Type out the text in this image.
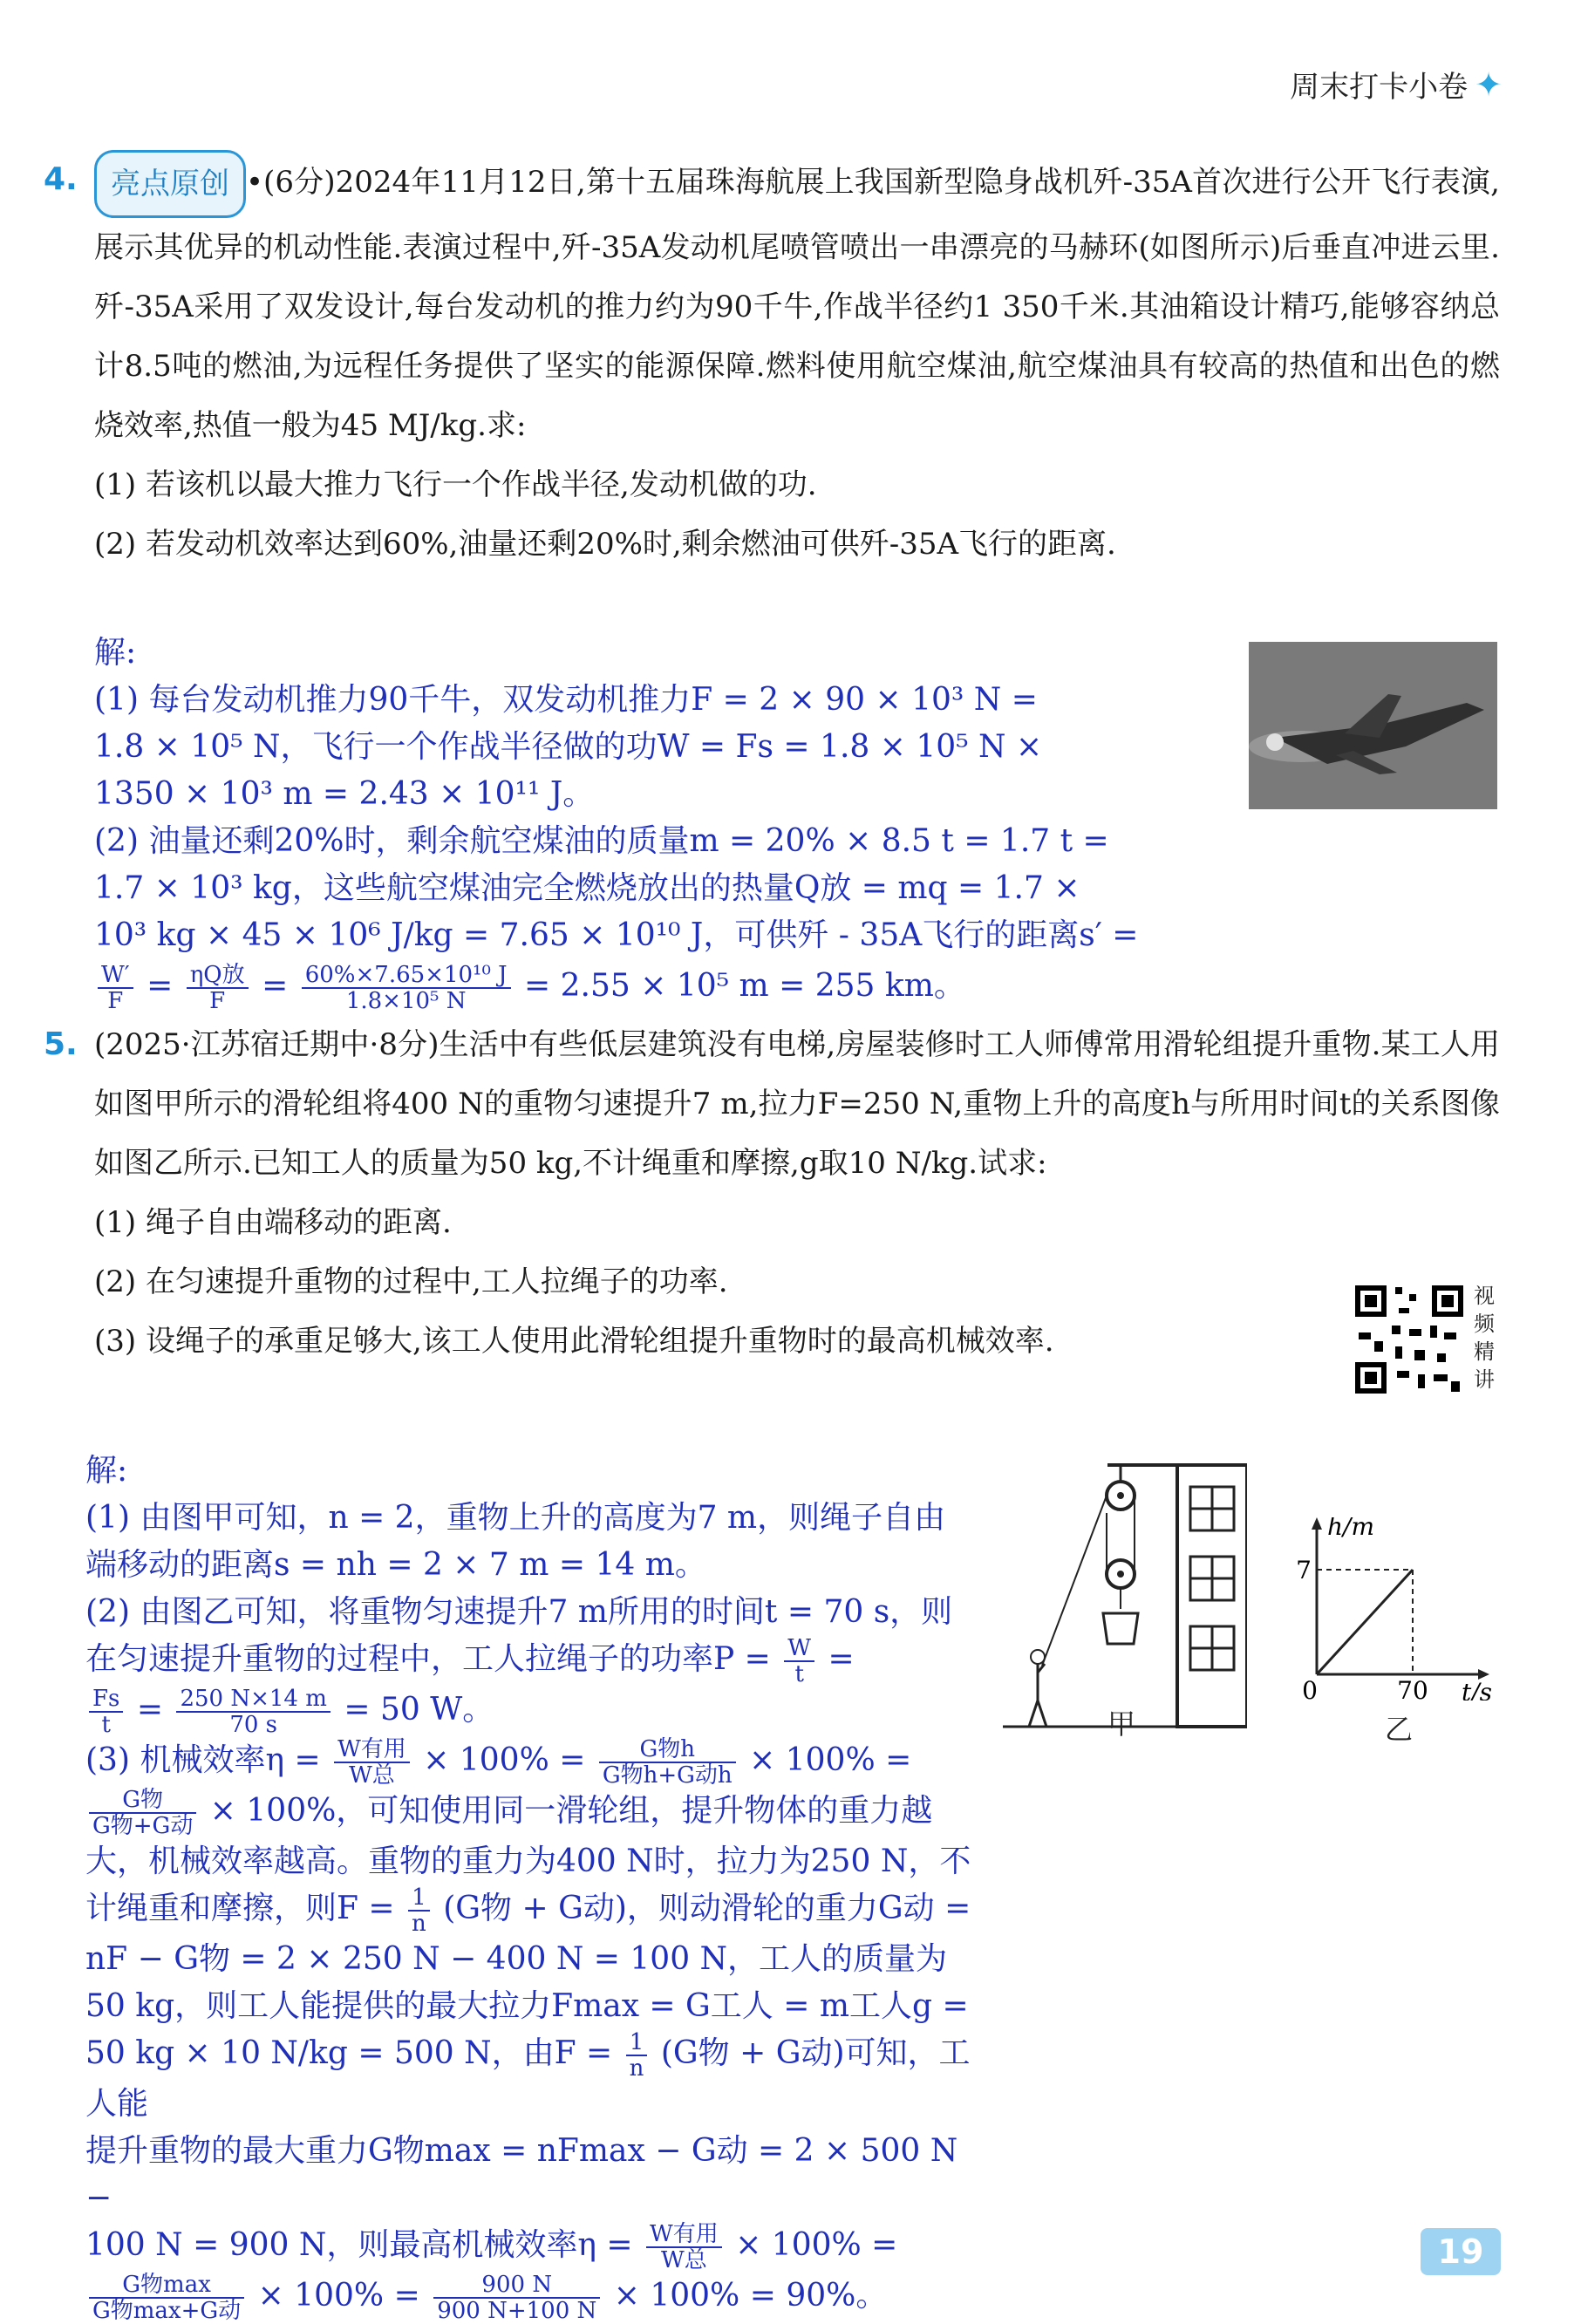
周末打卡小卷 ✦

4. 亮点原创 •(6分)2024年11月12日,第十五届珠海航展上我国新型隐身战机歼-35A首次进行公开飞行表演,展示其优异的机动性能.表演过程中,歼-35A发动机尾喷管喷出一串漂亮的马赫环(如图所示)后垂直冲进云里.歼-35A采用了双发设计,每台发动机的推力约为90千牛,作战半径约1 350千米.其油箱设计精巧,能够容纳总计8.5吨的燃油,为远程任务提供了坚实的能源保障.燃料使用航空煤油,航空煤油具有较高的热值和出色的燃烧效率,热值一般为45 MJ/kg.求:

(1) 若该机以最大推力飞行一个作战半径,发动机做的功.

(2) 若发动机效率达到60%,油量还剩20%时,剩余燃油可供歼-35A飞行的距离.

解:

(1) 每台发动机推力90千牛，双发动机推力F = 2 × 90 × 10³ N =

1.8 × 10⁵ N，飞行一个作战半径做的功W = Fs = 1.8 × 10⁵ N ×

1350 × 10³ m = 2.43 × 10¹¹ J。

(2) 油量还剩20%时，剩余航空煤油的质量m = 20% × 8.5 t = 1.7 t =

1.7 × 10³ kg，这些航空煤油完全燃烧放出的热量Q放 = mq = 1.7 ×

10³ kg × 45 × 10⁶ J/kg = 7.65 × 10¹⁰ J，可供歼 - 35A飞行的距离s′ =

$\frac{W'}{F} = \frac{\text{ηQ放}}{F} = \frac{\text{60\%×7.65×10¹⁰ J}}{\text{1.8×10⁵ N}} = 2.55 \times 10^5$ m = 255 km。

5. (2025·江苏宿迁期中·8分)生活中有些低层建筑没有电梯,房屋装修时工人师傅常用滑轮组提升重物.某工人用如图甲所示的滑轮组将400 N的重物匀速提升7 m,拉力F=250 N,重物上升的高度h与所用时间t的关系图像如图乙所示.已知工人的质量为50 kg,不计绳重和摩擦,g取10 N/kg.试求:

(1) 绳子自由端移动的距离.

(2) 在匀速提升重物的过程中,工人拉绳子的功率.

(3) 设绳子的承重足够大,该工人使用此滑轮组提升重物时的最高机械效率.

视频精讲

解:

(1) 由图甲可知，n = 2，重物上升的高度为7 m，则绳子自由

端移动的距离s = nh = 2 × 7 m = 14 m。

(2) 由图乙可知，将重物匀速提升7 m所用的时间t = 70 s，则

在匀速提升重物的过程中，工人拉绳子的功率$P = \frac{W}{t}$ =

$\frac{Fs}{t} = \frac{250 N\times 14 m}{70 s} = 50$ W。

(3) 机械效率$\eta = \frac{\text{W有用}}{\text{W总}} \times 100\% = \frac{\text{G物h}}{\text{G物h+G动h}} \times 100\%$ =

$\frac{\text{G物}}{\text{G物+G动}} \times 100\%$，可知使用同一滑轮组，提升物体的重力越

大，机械效率越高。重物的重力为400 N时，拉力为250 N，不

计绳重和摩擦，则$F = \frac{1}{n} (G$物 + G动)，则动滑轮的重力G动 =

nF − G物 = 2 × 250 N − 400 N = 100 N，工人的质量为

50 kg，则工人能提供的最大拉力Fmax = G工人 = m工人g =

50 kg × 10 N/kg = 500 N，由$F = \frac{1}{n} (G$物 + G动)可知，工人能

提升重物的最大重力G物max = nFmax − G动 = 2 × 500 N −

100 N = 900 N，则最高机械效率$\eta = \frac{\text{W有用}}{\text{W总}} \times 100\%$ =

$\frac{\text{G物max}}{\text{G物max+G动}} \times 100\% = \frac{900 N}{900 N+100 N} \times 100\% = 90\%$。

甲
h/m
7
70
0	t/s
乙
19
